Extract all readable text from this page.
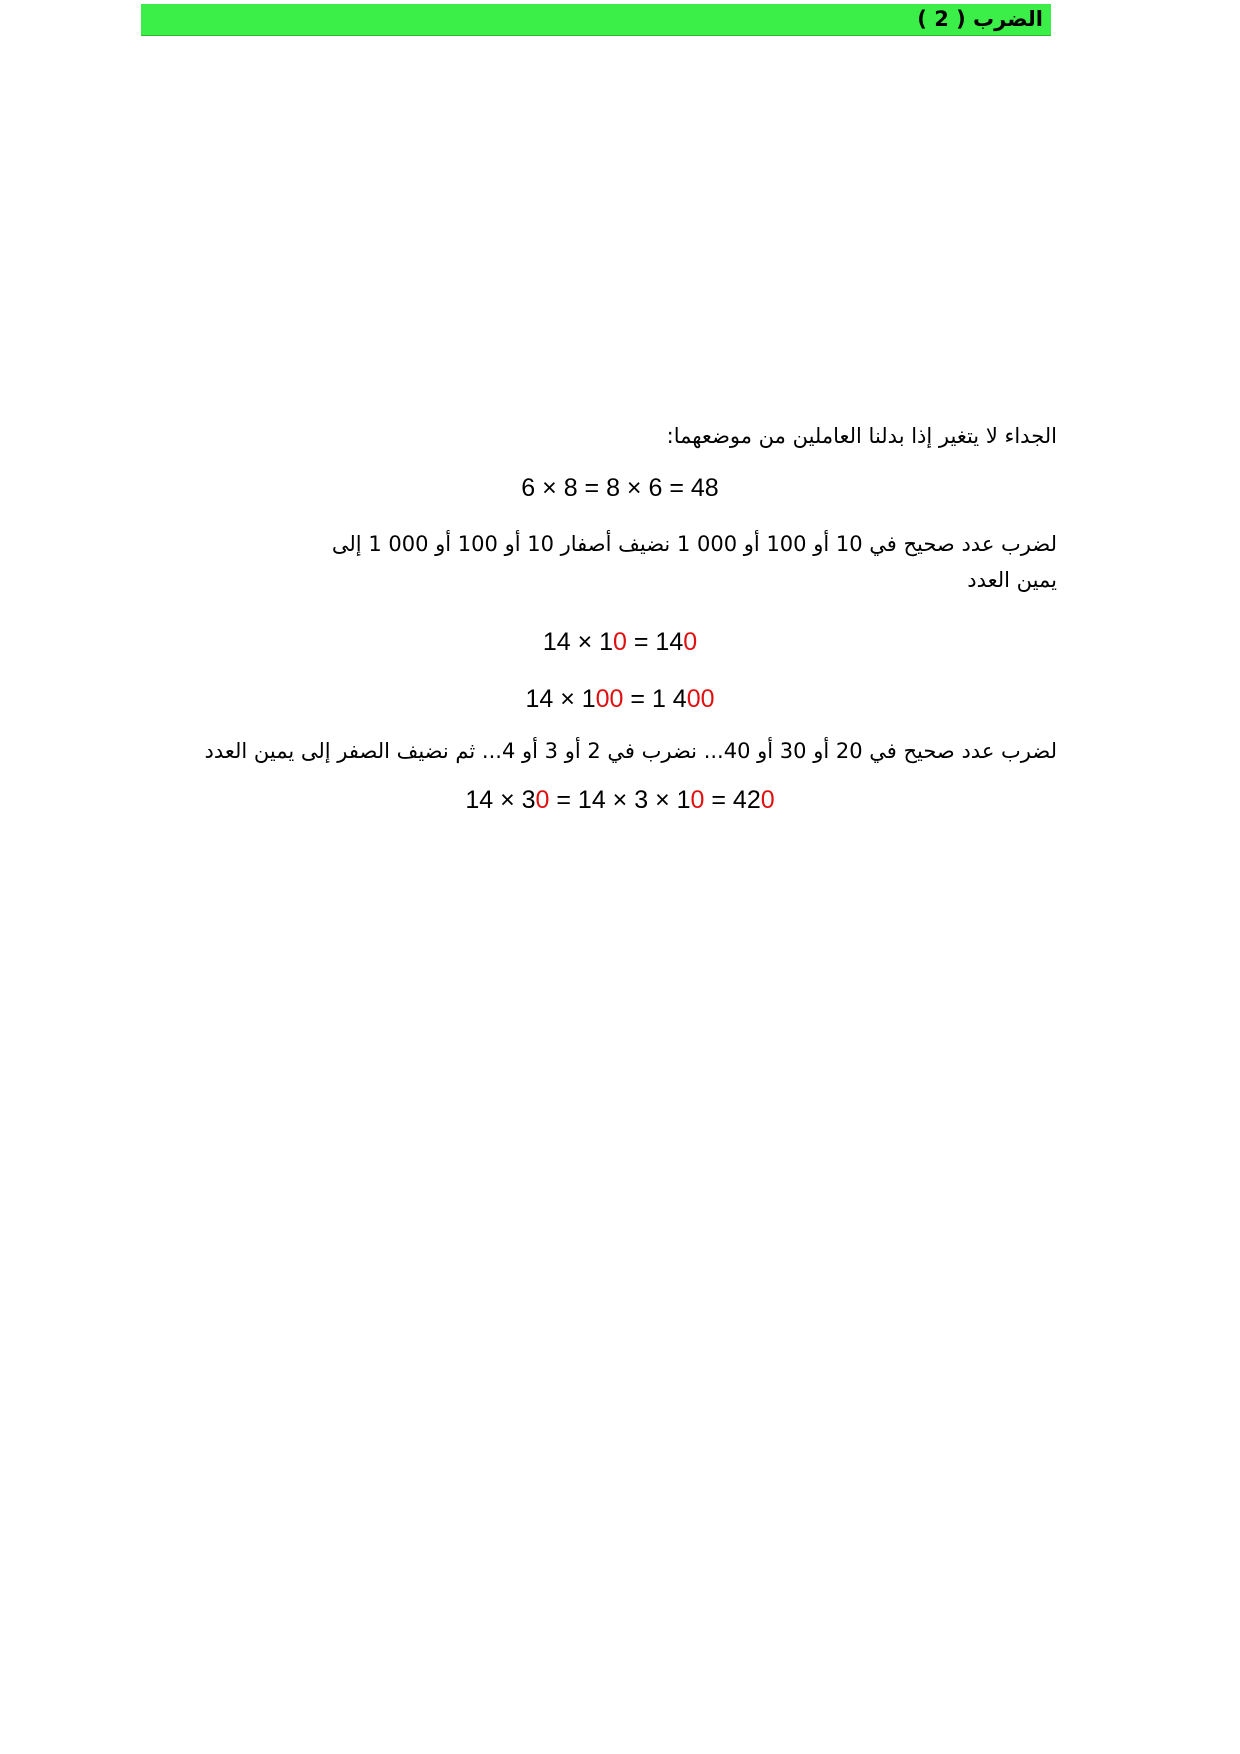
الضرب ( 2 )
الجداء لا يتغير إذا بدلنا العاملين من موضعهما:
6 × 8 = 8 × 6 = 48
لضرب عدد صحيح في 10 أو 100 أو 000 1 نضيف أصفار 10 أو 100 أو 000 1 إلى
يمين العدد
14 × 10 = 140
14 × 100 = 1 400
لضرب عدد صحيح في 20 أو 30 أو 40... نضرب في 2 أو 3 أو 4... ثم نضيف الصفر إلى يمين العدد
14 × 30 = 14 × 3 × 10 = 420
